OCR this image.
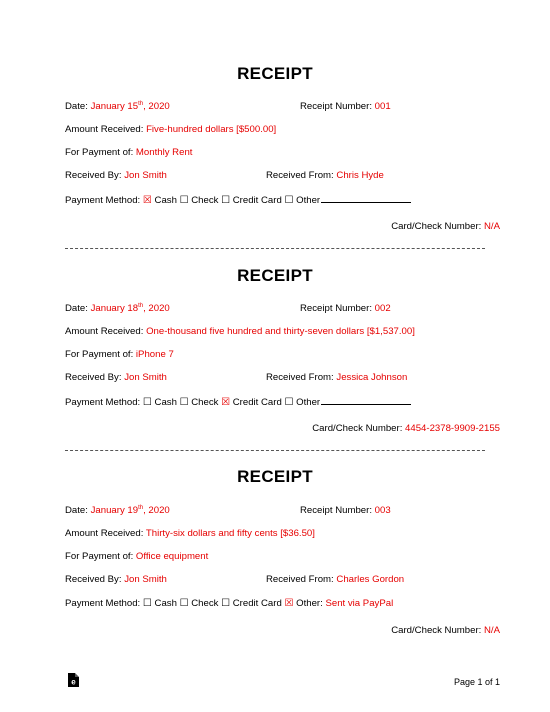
RECEIPT
Date: January 15th, 2020	Receipt Number: 001
Amount Received: Five-hundred dollars [$500.00]
For Payment of: Monthly Rent
Received By: Jon Smith	Received From: Chris Hyde
Payment Method: ☒ Cash ☐ Check ☐ Credit Card ☐ Other
Card/Check Number: N/A
RECEIPT
Date: January 18th, 2020	Receipt Number: 002
Amount Received: One-thousand five hundred and thirty-seven dollars [$1,537.00]
For Payment of: iPhone 7
Received By: Jon Smith	Received From: Jessica Johnson
Payment Method: ☐ Cash ☐ Check ☒ Credit Card ☐ Other
Card/Check Number: 4454-2378-9909-2155
RECEIPT
Date: January 19th, 2020	Receipt Number: 003
Amount Received: Thirty-six dollars and fifty cents [$36.50]
For Payment of: Office equipment
Received By: Jon Smith	Received From: Charles Gordon
Payment Method: ☐ Cash ☐ Check ☐ Credit Card ☒ Other: Sent via PayPal
Card/Check Number: N/A
e	Page 1 of 1
